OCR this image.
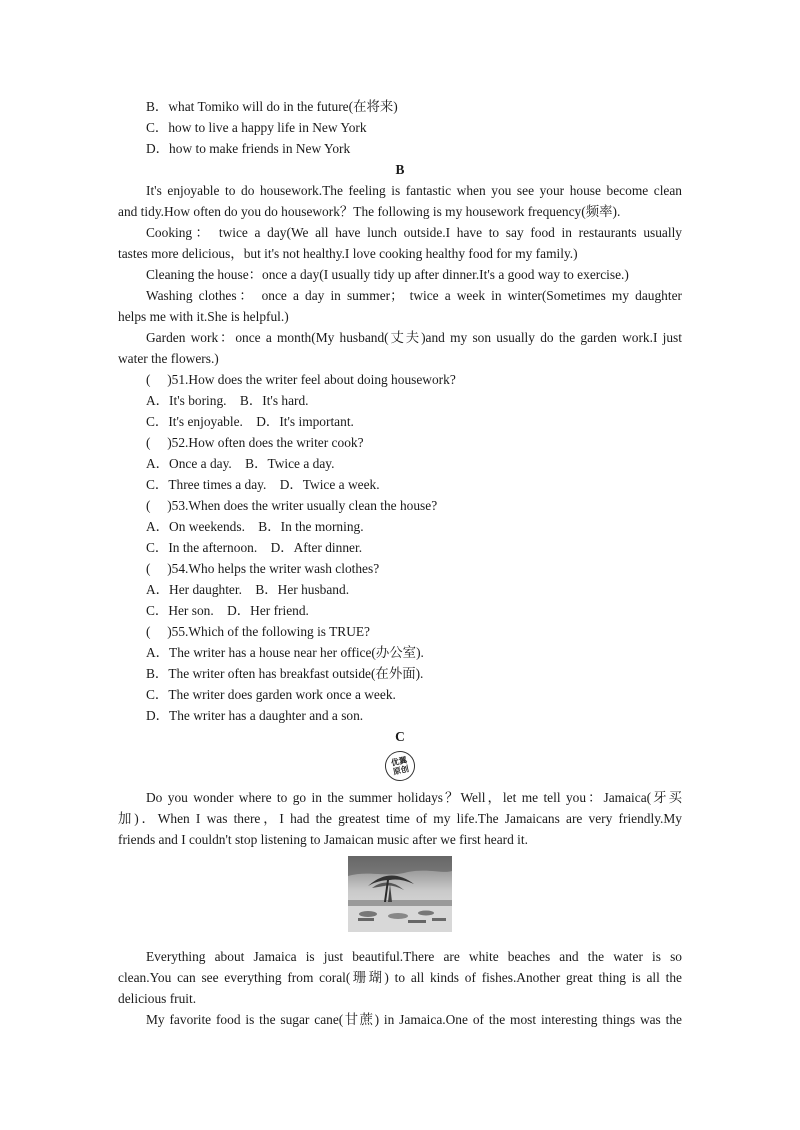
B．what Tomiko will do in the future(在将来)
C．how to live a happy life in New York
D．how to make friends in New York
B
It's enjoyable to do housework.The feeling is fantastic when you see your house become clean
and tidy.How often do you do housework？The following is my housework frequency(频率).
Cooking： twice a day(We all have lunch outside.I have to say food in restaurants usually
tastes more delicious，but it's not healthy.I love cooking healthy food for my family.)
Cleaning the house：once a day(I usually tidy up after dinner.It's a good way to exercise.)
Washing clothes： once a day in summer； twice a week in winter(Sometimes my daughter
helps me with it.She is helpful.)
Garden work：once a month(My husband(丈夫)and my son usually do the garden work.I just
water the flowers.)
(　 )51.How does the writer feel about doing housework?
A．It's boring.　B．It's hard.
C．It's enjoyable.　D．It's important.
(　 )52.How often does the writer cook?
A．Once a day.　B．Twice a day.
C．Three times a day.　D．Twice a week.
(　 )53.When does the writer usually clean the house?
A．On weekends.　B．In the morning.
C．In the afternoon.　D．After dinner.
(　 )54.Who helps the writer wash clothes?
A．Her daughter.　B．Her husband.
C．Her son.　D．Her friend.
(　 )55.Which of the following is TRUE?
A．The writer has a house near her office(办公室).
B．The writer often has breakfast outside(在外面).
C．The writer does garden work once a week.
D．The writer has a daughter and a son.
C
优翼
原创
Do you wonder where to go in the summer holidays？Well，let me tell you：Jamaica(牙买
加)．When I was there，I had the greatest time of my life.The Jamaicans are very friendly.My
friends and I couldn't stop listening to Jamaican music after we first heard it.
Everything about Jamaica is just beautiful.There are white beaches and the water is so
clean.You can see everything from coral(珊瑚) to all kinds of fishes.Another great thing is all the
delicious fruit.
My favorite food is the sugar cane(甘蔗) in Jamaica.One of the most interesting things was the
